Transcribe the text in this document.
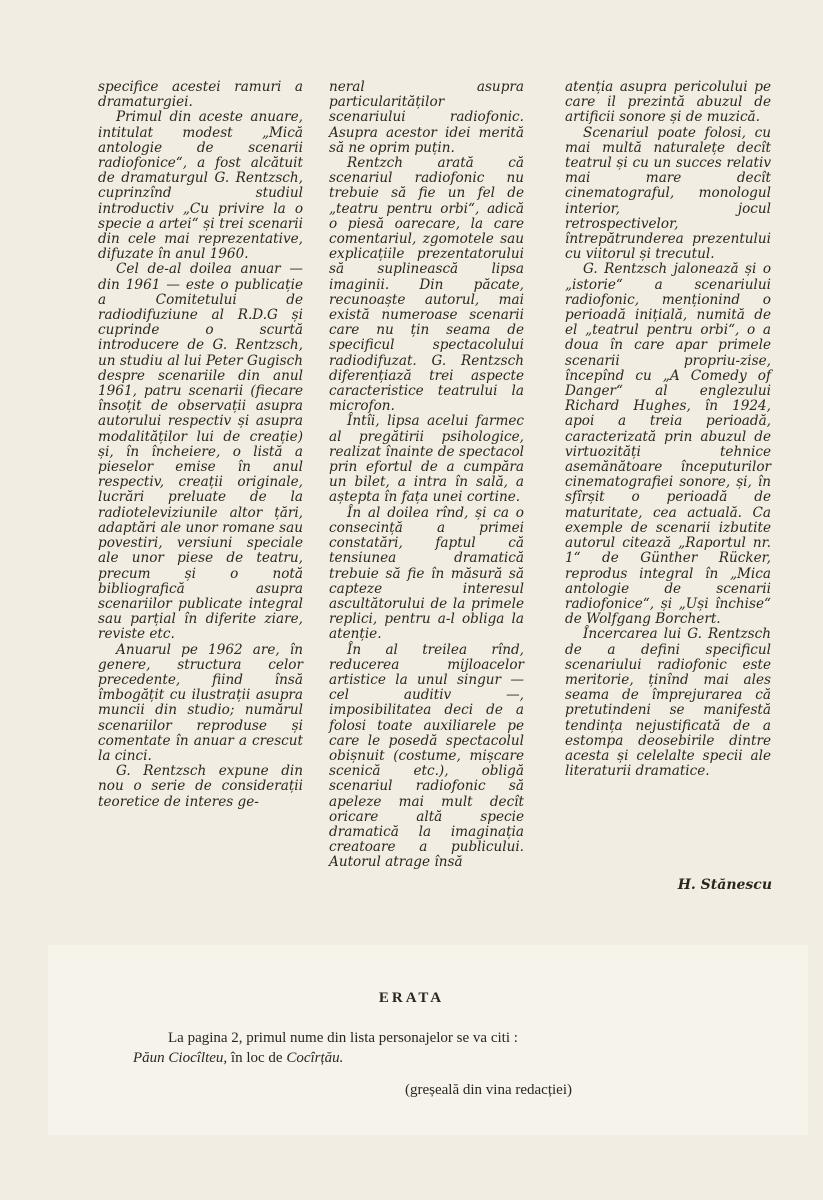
specifice acestei ramuri a dramaturgiei.

Primul din aceste anuare, intitulat modest „Mică antologie de scenarii radiofonice“, a fost alcătuit de dramaturgul G. Rentzsch, cuprinzînd studiul introductiv „Cu privire la o specie a artei“ și trei scenarii din cele mai reprezentative, difuzate în anul 1960.

Cel de-al doilea anuar — din 1961 — este o publicație a Comitetului de radiodifuziune al R.D.G și cuprinde o scurtă introducere de G. Rentzsch, un studiu al lui Peter Gugisch despre scenariile din anul 1961, patru scenarii (fiecare însoțit de observații asupra autorului respectiv și asupra modalităților lui de creație) și, în încheiere, o listă a pieselor emise în anul respectiv, creații originale, lucrări preluate de la radioteleviziunile altor țări, adaptări ale unor romane sau povestiri, versiuni speciale ale unor piese de teatru, precum și o notă bibliografică asupra scenariilor publicate integral sau parțial în diferite ziare, reviste etc.

Anuarul pe 1962 are, în genere, structura celor precedente, fiind însă îmbogățit cu ilustrații asupra muncii din studio; numărul scenariilor reproduse și comentate în anuar a crescut la cinci.

G. Rentzsch expune din nou o serie de considerații teoretice de interes ge-

neral asupra particularităților scenariului radiofonic. Asupra acestor idei merită să ne oprim puțin.

Rentzch arată că scenariul radiofonic nu trebuie să fie un fel de „teatru pentru orbi“, adică o piesă oarecare, la care comentariul, zgomotele sau explicațiile prezentatorului să suplinească lipsa imaginii. Din păcate, recunoaște autorul, mai există numeroase scenarii care nu țin seama de specificul spectacolului radiodifuzat. G. Rentzsch diferențiază trei aspecte caracteristice teatrului la microfon.

Întîi, lipsa acelui farmec al pregătirii psihologice, realizat înainte de spectacol prin efortul de a cumpăra un bilet, a intra în sală, a aștepta în fața unei cortine.

În al doilea rînd, și ca o consecință a primei constatări, faptul că tensiunea dramatică trebuie să fie în măsură să capteze interesul ascultătorului de la primele replici, pentru a-l obliga la atenție.

În al treilea rînd, reducerea mijloacelor artistice la unul singur — cel auditiv —, imposibilitatea deci de a folosi toate auxiliarele pe care le posedă spectacolul obișnuit (costume, mișcare scenică etc.), obligă scenariul radiofonic să apeleze mai mult decît oricare altă specie dramatică la imaginația creatoare a publicului. Autorul atrage însă

atenția asupra pericolului pe care il prezintă abuzul de artificii sonore și de muzică.

Scenariul poate folosi, cu mai multă naturalețe decît teatrul și cu un succes relativ mai mare decît cinematograful, monologul interior, jocul retrospectivelor, întrepătrunderea prezentului cu viitorul și trecutul.

G. Rentzsch jalonează și o „istorie“ a scenariului radiofonic, menționind o perioadă inițială, numită de el „teatrul pentru orbi“, o a doua în care apar primele scenarii propriu-zise, începînd cu „A Comedy of Danger“ al englezului Richard Hughes, în 1924, apoi a treia perioadă, caracterizată prin abuzul de virtuozități tehnice asemănătoare începuturilor cinematografiei sonore, și, în sfîrșit o perioadă de maturitate, cea actuală. Ca exemple de scenarii izbutite autorul citează „Raportul nr. 1“ de Günther Rücker, reprodus integral în „Mica antologie de scenarii radiofonice“, și „Uși închise“ de Wolfgang Borchert.

Încercarea lui G. Rentzsch de a defini specificul scenariului radiofonic este meritorie, ținînd mai ales seama de împrejurarea că pretutindeni se manifestă tendința nejustificată de a estompa deosebirile dintre acesta și celelalte specii ale literaturii dramatice.

H. Stănescu
ERATA
La pagina 2, primul nume din lista personajelor se va citi :
Păun Ciocîlteu, în loc de Cocîrțău.
(greșeală din vina redacției)
